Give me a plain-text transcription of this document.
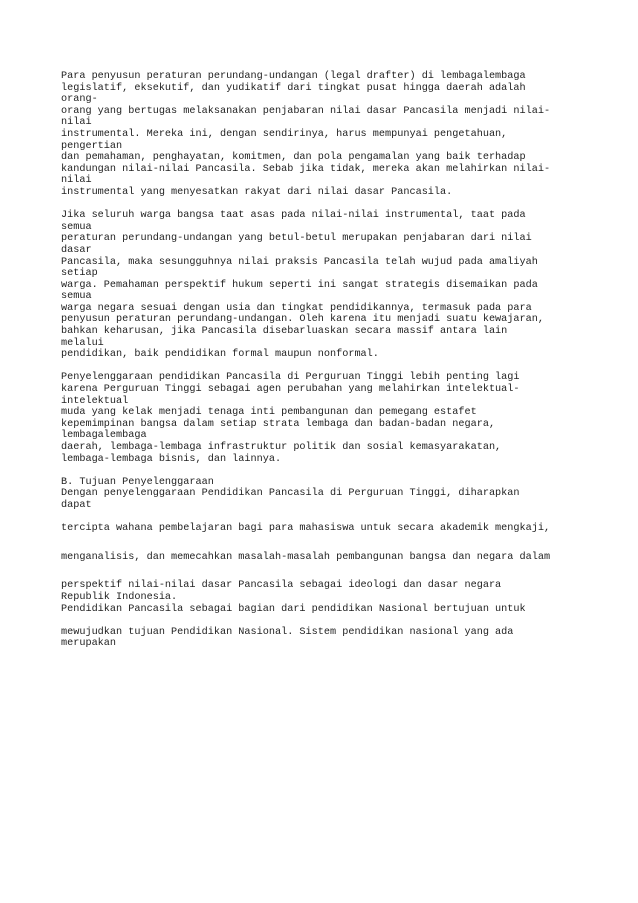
Para penyusun peraturan perundang-undangan (legal drafter) di lembagalembaga
legislatif, eksekutif, dan yudikatif dari tingkat pusat hingga daerah adalah
orang-
orang yang bertugas melaksanakan penjabaran nilai dasar Pancasila menjadi nilai-
nilai
instrumental. Mereka ini, dengan sendirinya, harus mempunyai pengetahuan,
pengertian
dan pemahaman, penghayatan, komitmen, dan pola pengamalan yang baik terhadap
kandungan nilai-nilai Pancasila. Sebab jika tidak, mereka akan melahirkan nilai-
nilai
instrumental yang menyesatkan rakyat dari nilai dasar Pancasila.
Jika seluruh warga bangsa taat asas pada nilai-nilai instrumental, taat pada
semua
peraturan perundang-undangan yang betul-betul merupakan penjabaran dari nilai
dasar
Pancasila, maka sesungguhnya nilai praksis Pancasila telah wujud pada amaliyah
setiap
warga. Pemahaman perspektif hukum seperti ini sangat strategis disemaikan pada
semua
warga negara sesuai dengan usia dan tingkat pendidikannya, termasuk pada para
penyusun peraturan perundang-undangan. Oleh karena itu menjadi suatu kewajaran,
bahkan keharusan, jika Pancasila disebarluaskan secara massif antara lain
melalui
pendidikan, baik pendidikan formal maupun nonformal.
Penyelenggaraan pendidikan Pancasila di Perguruan Tinggi lebih penting lagi
karena Perguruan Tinggi sebagai agen perubahan yang melahirkan intelektual-
intelektual
muda yang kelak menjadi tenaga inti pembangunan dan pemegang estafet
kepemimpinan bangsa dalam setiap strata lembaga dan badan-badan negara,
lembagalembaga
daerah, lembaga-lembaga infrastruktur politik dan sosial kemasyarakatan,
lembaga-lembaga bisnis, dan lainnya.
B. Tujuan Penyelenggaraan
Dengan penyelenggaraan Pendidikan Pancasila di Perguruan Tinggi, diharapkan
dapat
tercipta wahana pembelajaran bagi para mahasiswa untuk secara akademik mengkaji,
menganalisis, dan memecahkan masalah-masalah pembangunan bangsa dan negara dalam
perspektif nilai-nilai dasar Pancasila sebagai ideologi dan dasar negara
Republik Indonesia.
Pendidikan Pancasila sebagai bagian dari pendidikan Nasional bertujuan untuk
mewujudkan tujuan Pendidikan Nasional. Sistem pendidikan nasional yang ada
merupakan
